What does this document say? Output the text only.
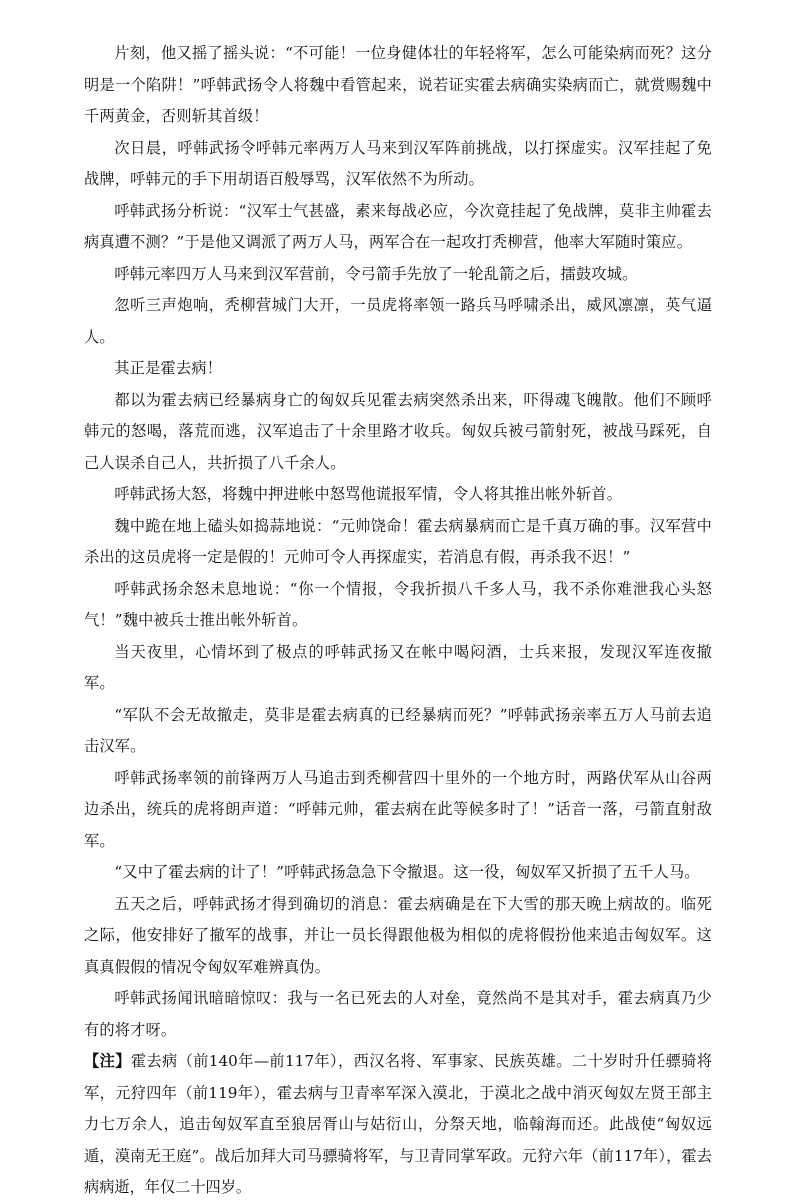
片刻，他又摇了摇头说：“不可能！一位身健体壮的年轻将军，怎么可能染病而死？这分明是一个陷阱！”呼韩武扬令人将魏中看管起来，说若证实霍去病确实染病而亡，就赏赐魏中千两黄金，否则斩其首级！

次日晨，呼韩武扬令呼韩元率两万人马来到汉军阵前挑战，以打探虚实。汉军挂起了免战牌，呼韩元的手下用胡语百般辱骂，汉军依然不为所动。

呼韩武扬分析说：“汉军士气甚盛，素来每战必应，今次竟挂起了免战牌，莫非主帅霍去病真遭不测？”于是他又调派了两万人马，两军合在一起攻打秃柳营，他率大军随时策应。

呼韩元率四万人马来到汉军营前，令弓箭手先放了一轮乱箭之后，擂鼓攻城。

忽听三声炮响，秃柳营城门大开，一员虎将率领一路兵马呼啸杀出，威风凛凛，英气逼人。

其正是霍去病！

都以为霍去病已经暴病身亡的匈奴兵见霍去病突然杀出来，吓得魂飞魄散。他们不顾呼韩元的怒喝，落荒而逃，汉军追击了十余里路才收兵。匈奴兵被弓箭射死，被战马踩死，自己人误杀自己人，共折损了八千余人。

呼韩武扬大怒，将魏中押进帐中怒骂他谎报军情，令人将其推出帐外斩首。

魏中跪在地上磕头如捣蒜地说：“元帅饶命！霍去病暴病而亡是千真万确的事。汉军营中杀出的这员虎将一定是假的！元帅可令人再探虚实，若消息有假，再杀我不迟！”

呼韩武扬余怒未息地说：“你一个情报，令我折损八千多人马，我不杀你难泄我心头怒气！”魏中被兵士推出帐外斩首。

当天夜里，心情坏到了极点的呼韩武扬又在帐中喝闷酒，士兵来报，发现汉军连夜撤军。

“军队不会无故撤走，莫非是霍去病真的已经暴病而死？”呼韩武扬亲率五万人马前去追击汉军。

呼韩武扬率领的前锋两万人马追击到秃柳营四十里外的一个地方时，两路伏军从山谷两边杀出，统兵的虎将朗声道：“呼韩元帅，霍去病在此等候多时了！”话音一落，弓箭直射敌军。

“又中了霍去病的计了！”呼韩武扬急急下令撤退。这一役，匈奴军又折损了五千人马。

五天之后，呼韩武扬才得到确切的消息：霍去病确是在下大雪的那天晚上病故的。临死之际，他安排好了撤军的战事，并让一员长得跟他极为相似的虎将假扮他来追击匈奴军。这真真假假的情况令匈奴军难辨真伪。

呼韩武扬闻讯暗暗惊叹：我与一名已死去的人对垒，竟然尚不是其对手，霍去病真乃少有的将才呀。

【注】霍去病（前140年—前117年），西汉名将、军事家、民族英雄。二十岁时升任骠骑将军，元狩四年（前119年），霍去病与卫青率军深入漠北，于漠北之战中消灭匈奴左贤王部主力七万余人，追击匈奴军直至狼居胥山与姑衍山，分祭天地，临翰海而还。此战使“匈奴远遁，漠南无王庭”。战后加拜大司马骠骑将军，与卫青同掌军政。元狩六年（前117年），霍去病病逝，年仅二十四岁。
